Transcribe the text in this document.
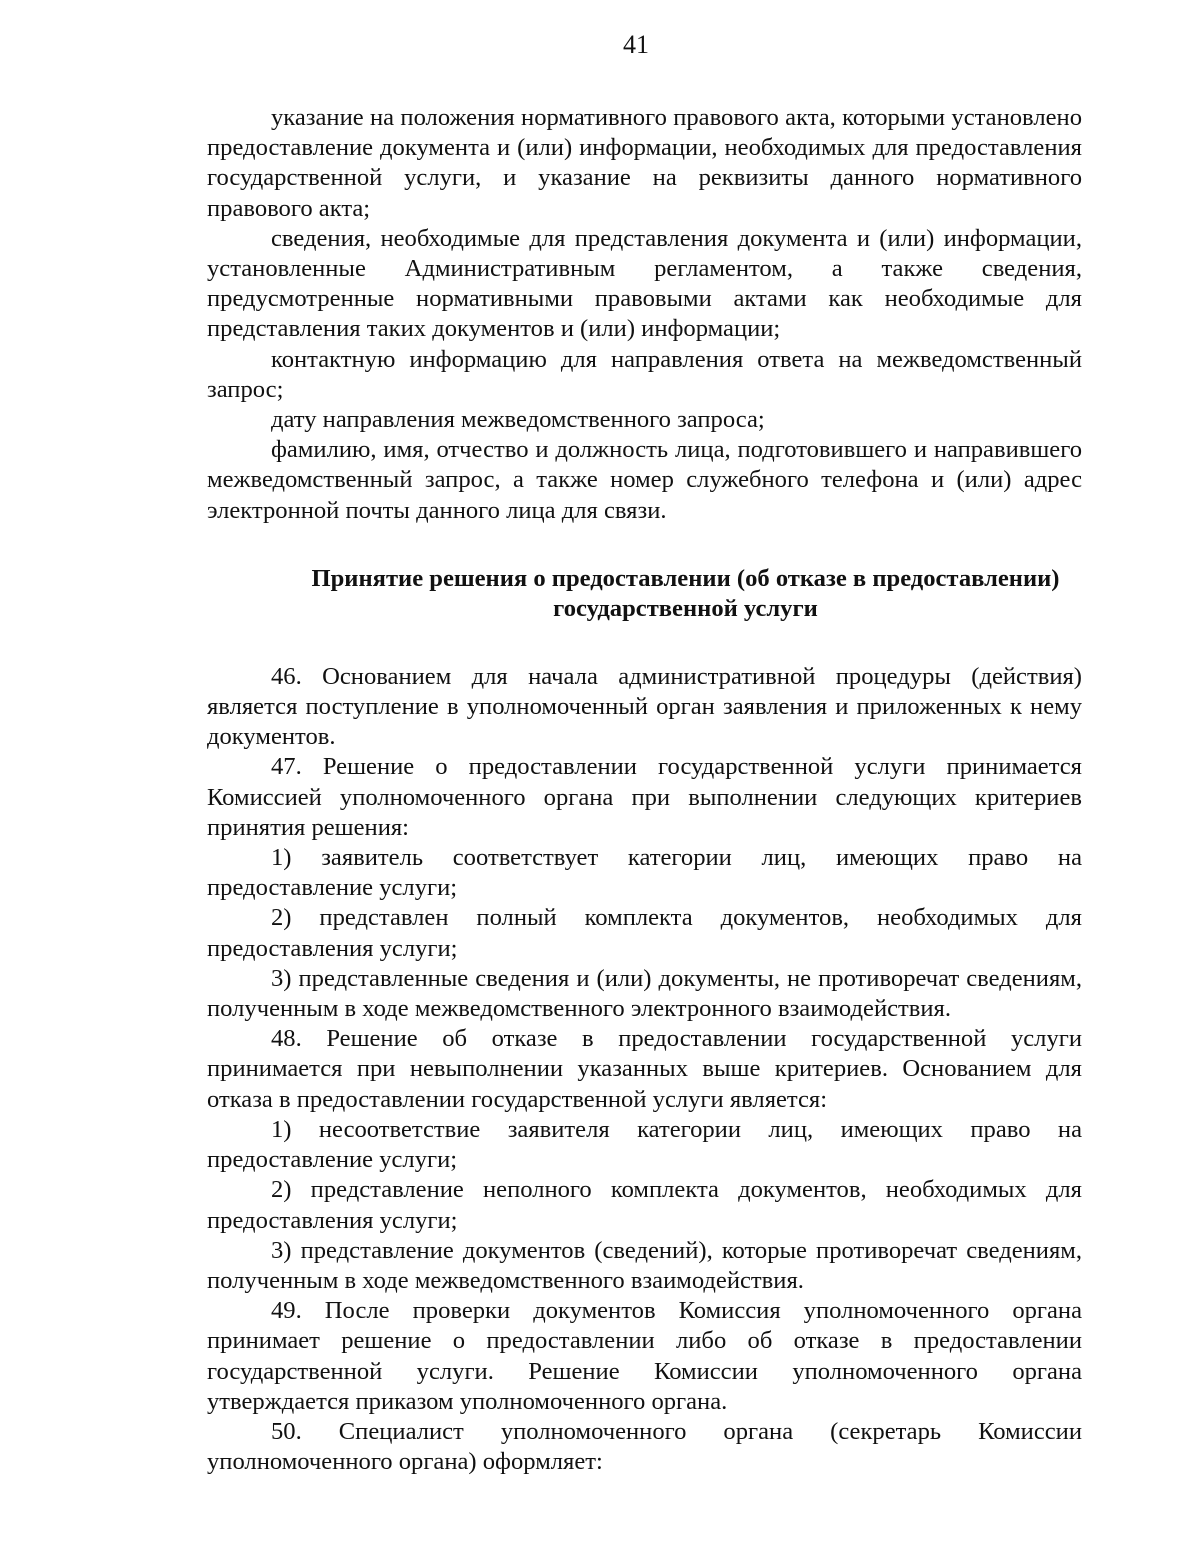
41

указание на положения нормативного правового акта, которыми установлено предоставление документа и (или) информации, необходимых для предоставления государственной услуги, и указание на реквизиты данного нормативного правового акта;

сведения, необходимые для представления документа и (или) информации, установленные Административным регламентом, а также сведения, предусмотренные нормативными правовыми актами как необходимые для представления таких документов и (или) информации;

контактную информацию для направления ответа на межведомственный запрос;

дату направления межведомственного запроса;

фамилию, имя, отчество и должность лица, подготовившего и направившего межведомственный запрос, а также номер служебного телефона и (или) адрес электронной почты данного лица для связи.

Принятие решения о предоставлении (об отказе в предоставлении)
государственной услуги

46. Основанием для начала административной процедуры (действия) является поступление в уполномоченный орган заявления и приложенных к нему документов.

47. Решение о предоставлении государственной услуги принимается Комиссией уполномоченного органа при выполнении следующих критериев принятия решения:

1) заявитель соответствует категории лиц, имеющих право на предоставление услуги;

2) представлен полный комплекта документов, необходимых для предоставления услуги;

3) представленные сведения и (или) документы, не противоречат сведениям, полученным в ходе межведомственного электронного взаимодействия.

48. Решение об отказе в предоставлении государственной услуги принимается при невыполнении указанных выше критериев. Основанием для отказа в предоставлении государственной услуги является:

1) несоответствие заявителя категории лиц, имеющих право на предоставление услуги;

2) представление неполного комплекта документов, необходимых для предоставления услуги;

3) представление документов (сведений), которые противоречат сведениям, полученным в ходе межведомственного взаимодействия.

49. После проверки документов Комиссия уполномоченного органа принимает решение о предоставлении либо об отказе в предоставлении государственной услуги. Решение Комиссии уполномоченного органа утверждается приказом уполномоченного органа.

50. Специалист уполномоченного органа (секретарь Комиссии уполномоченного органа) оформляет:
